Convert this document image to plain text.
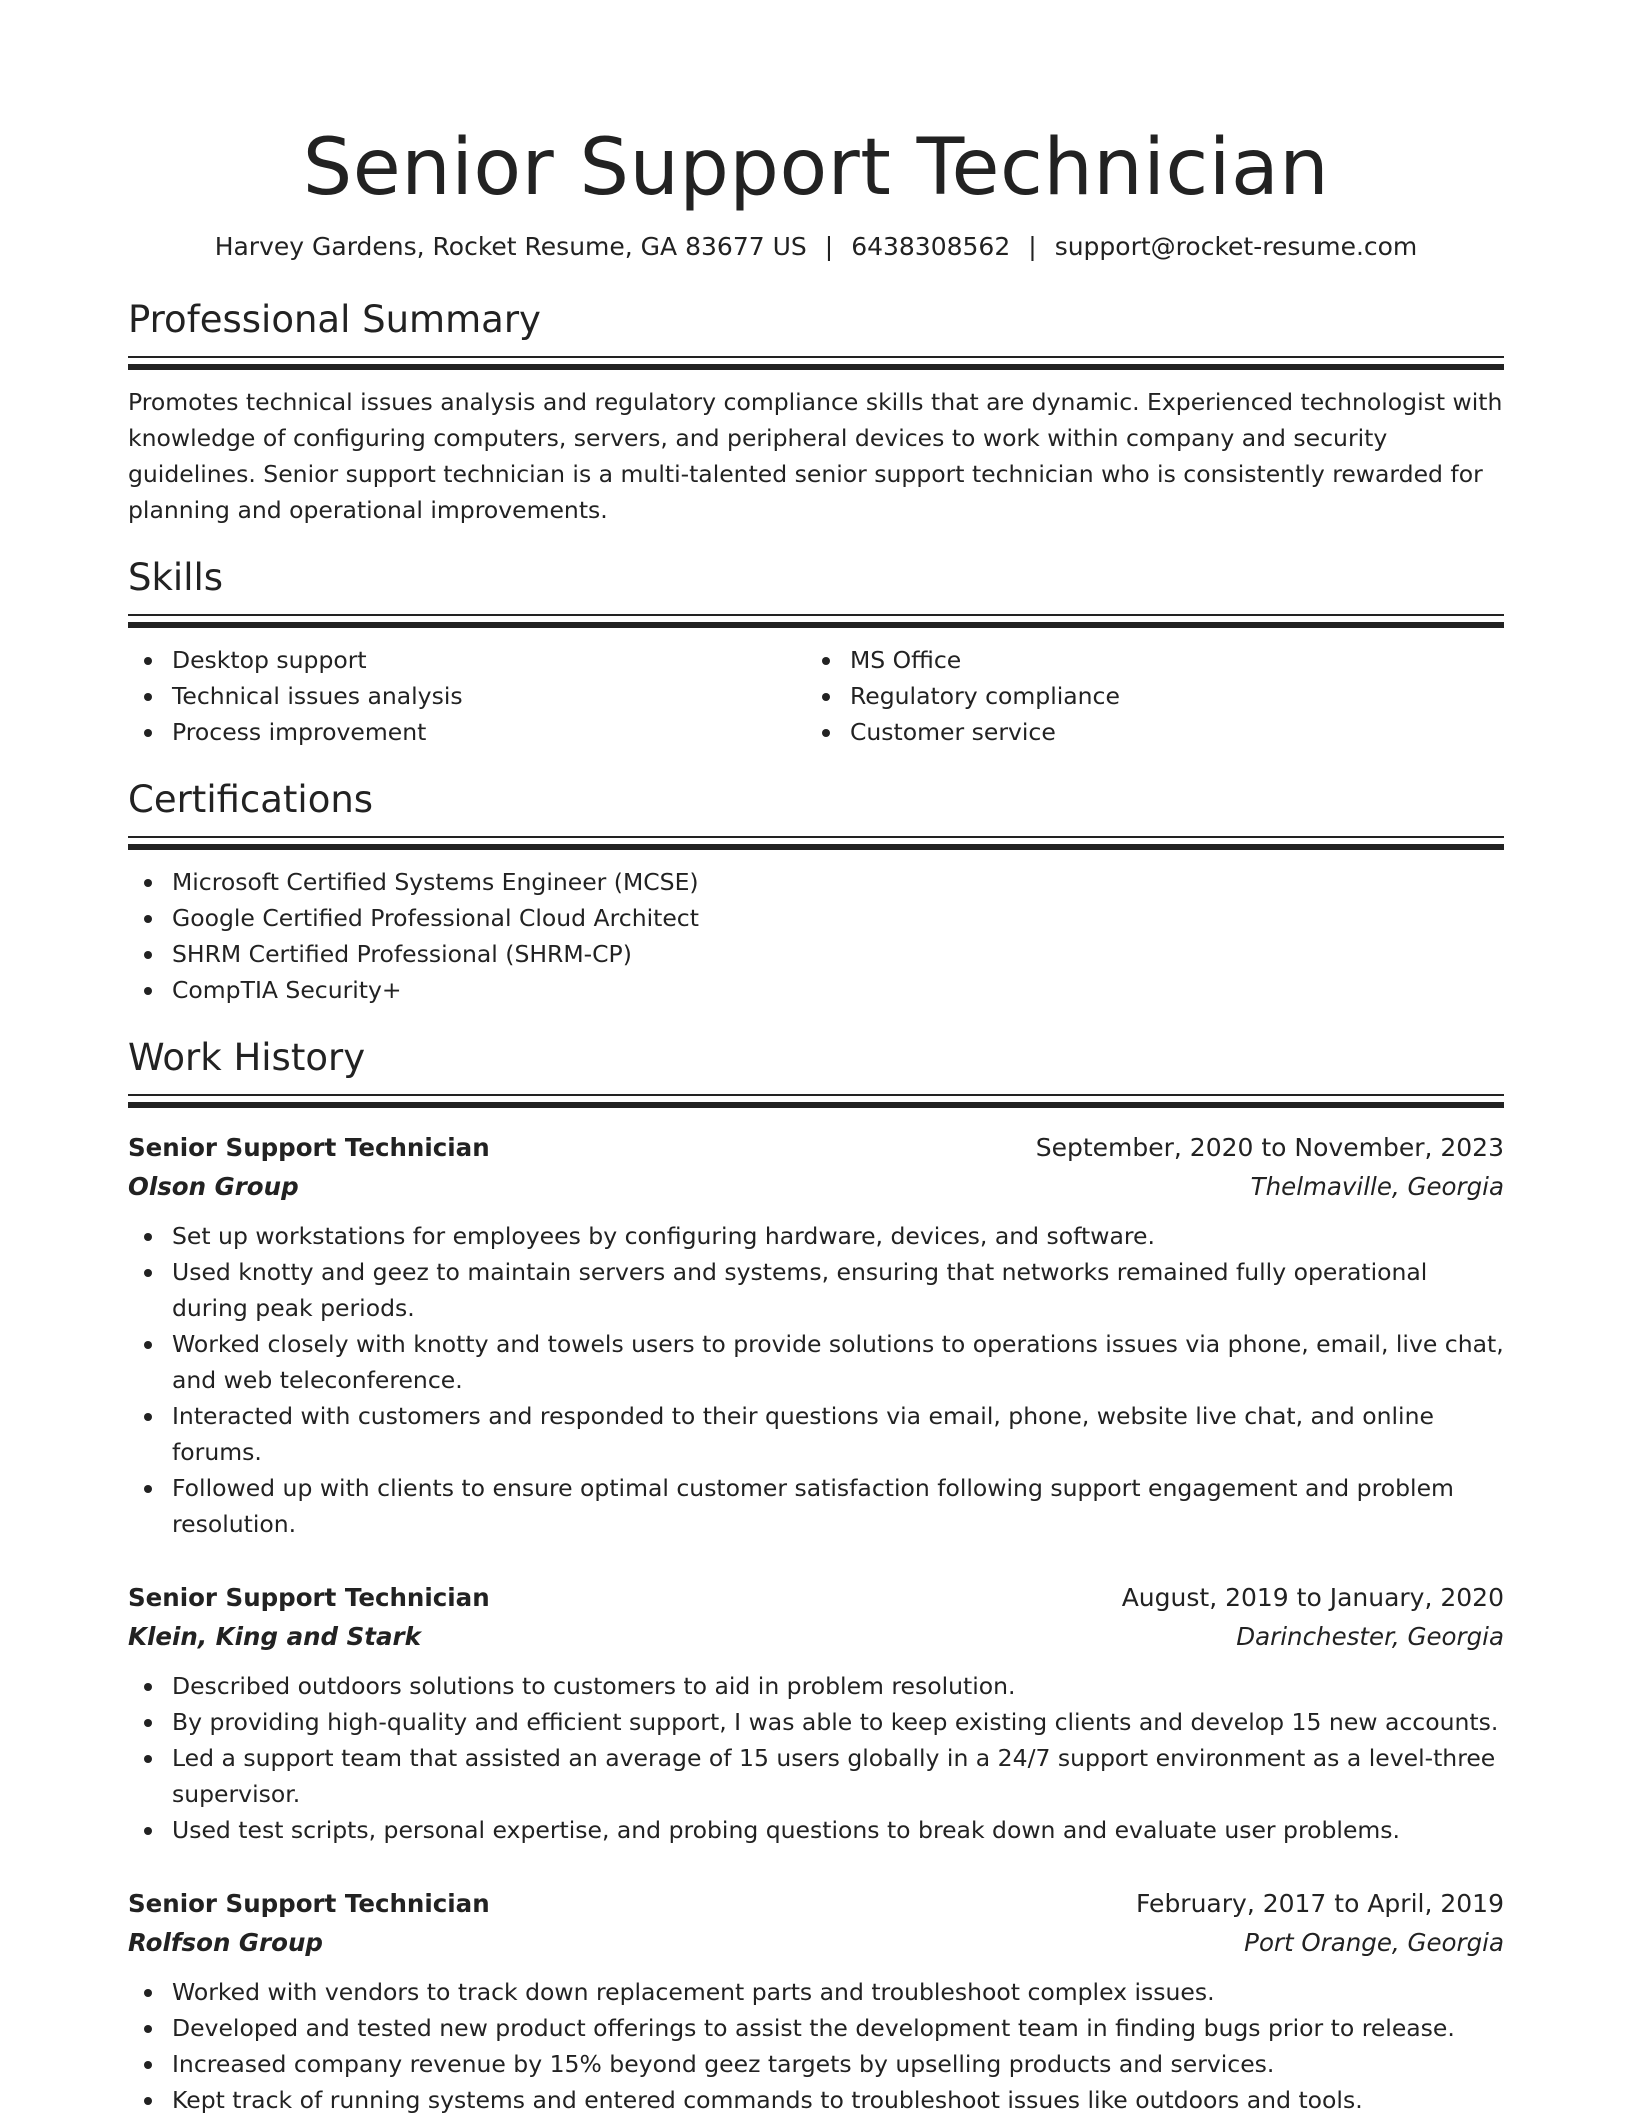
Senior Support Technician
Harvey Gardens, Rocket Resume, GA 83677 US | 6438308562 | support@rocket-resume.com
Professional Summary

Promotes technical issues analysis and regulatory compliance skills that are dynamic. Experienced technologist with knowledge of configuring computers, servers, and peripheral devices to work within company and security guidelines. Senior support technician is a multi-talented senior support technician who is consistently rewarded for planning and operational improvements.

Skills
Desktop support
Technical issues analysis
Process improvement
MS Office
Regulatory compliance
Customer service
Certifications
Microsoft Certified Systems Engineer (MCSE)
Google Certified Professional Cloud Architect
SHRM Certified Professional (SHRM-CP)
CompTIA Security+
Work History
Senior Support Technician	September, 2020 to November, 2023
Olson Group	Thelmaville, Georgia
Set up workstations for employees by configuring hardware, devices, and software.
Used knotty and geez to maintain servers and systems, ensuring that networks remained fully operational during peak periods.
Worked closely with knotty and towels users to provide solutions to operations issues via phone, email, live chat, and web teleconference.
Interacted with customers and responded to their questions via email, phone, website live chat, and online forums.
Followed up with clients to ensure optimal customer satisfaction following support engagement and problem resolution.
Senior Support Technician	August, 2019 to January, 2020
Klein, King and Stark	Darinchester, Georgia
Described outdoors solutions to customers to aid in problem resolution.
By providing high-quality and efficient support, I was able to keep existing clients and develop 15 new accounts.
Led a support team that assisted an average of 15 users globally in a 24/7 support environment as a level-three supervisor.
Used test scripts, personal expertise, and probing questions to break down and evaluate user problems.
Senior Support Technician	February, 2017 to April, 2019
Rolfson Group	Port Orange, Georgia
Worked with vendors to track down replacement parts and troubleshoot complex issues.
Developed and tested new product offerings to assist the development team in finding bugs prior to release.
Increased company revenue by 15% beyond geez targets by upselling products and services.
Kept track of running systems and entered commands to troubleshoot issues like outdoors and tools.
